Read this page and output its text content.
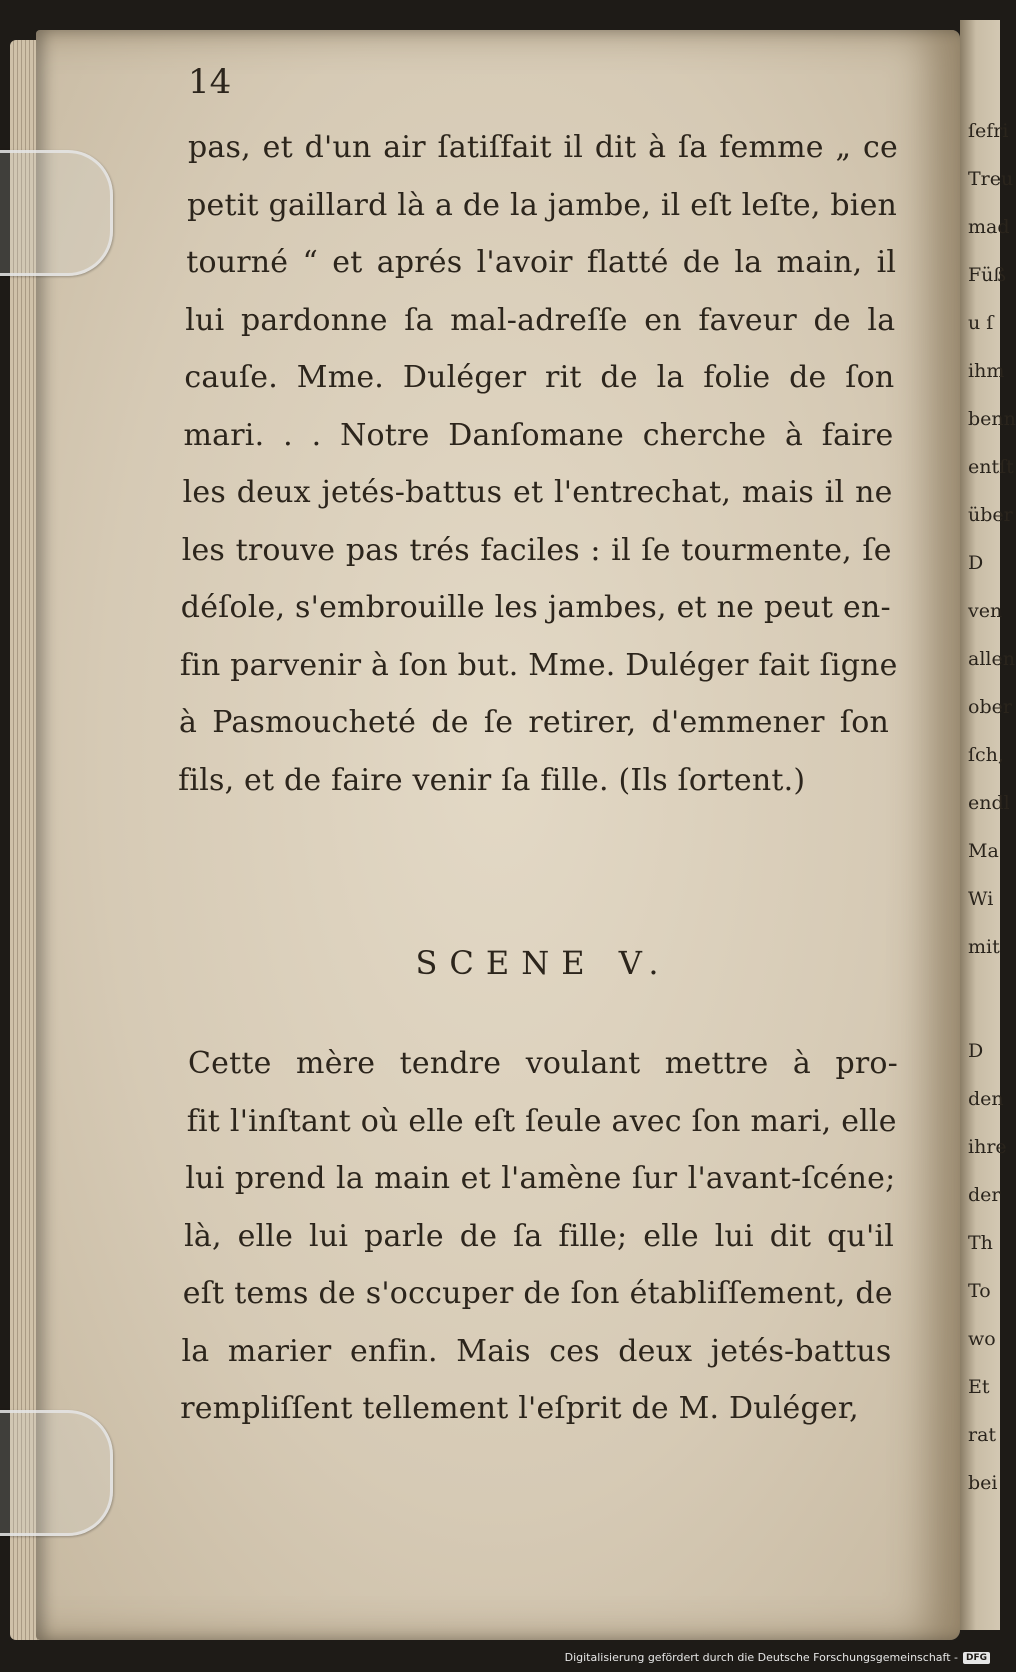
ſefri
Treu
mad
Füß
u ſ
ihm
benn
entſt
über
D
ven
allen
ober
ſch,
endl
Ma
Wi
mit
D
den
ihre
der
Th
To
wo
Et
rat
bei
14
pas, et d'un air ſatiſfait il dit à ſa femme „ ce
petit gaillard là a de la jambe, il eſt leſte, bien
tourné “ et aprés l'avoir flatté de la main, il
lui pardonne ſa mal-adreſſe en faveur de la
cauſe. Mme. Duléger rit de la folie de ſon
mari. . . Notre Danſomane cherche à faire
les deux jetés-battus et l'entrechat, mais il ne
les trouve pas trés faciles : il ſe tourmente, ſe
déſole, s'embrouille les jambes, et ne peut en-
fin parvenir à ſon but. Mme. Duléger fait ſigne
à Pasmoucheté de ſe retirer, d'emmener ſon
fils, et de faire venir ſa fille. (Ils ſortent.)
SCENE V.
Cette mère tendre voulant mettre à pro-
fit l'inſtant où elle eſt ſeule avec ſon mari, elle
lui prend la main et l'amène ſur l'avant-ſcéne;
là, elle lui parle de ſa fille; elle lui dit qu'il
eſt tems de s'occuper de ſon établiſſement, de
la marier enfin. Mais ces deux jetés-battus
rempliſſent tellement l'eſprit de M. Duléger,
Digitalisierung gefördert durch die Deutsche Forschungsgemeinschaft - DFG
